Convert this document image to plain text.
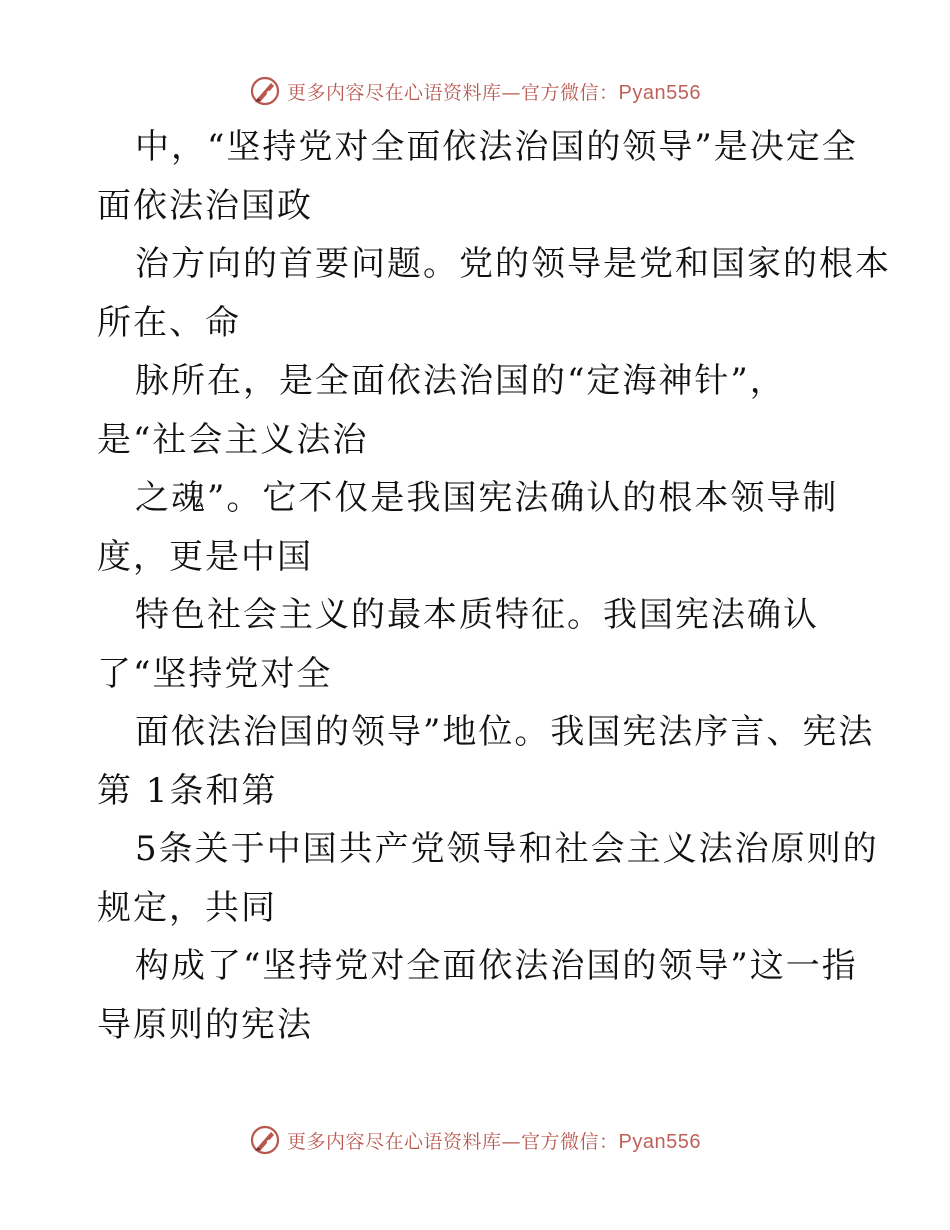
更多内容尽在心语资料库—官方微信：Pyan556
中，“坚持党对全面依法治国的领导”是决定全
面依法治国政
治方向的首要问题。党的领导是党和国家的根本
所在、命
脉所在，是全面依法治国的“定海神针”，
是“社会主义法治
之魂”。它不仅是我国宪法确认的根本领导制
度，更是中国
特色社会主义的最本质特征。我国宪法确认
了“坚持党对全
面依法治国的领导”地位。我国宪法序言、宪法
第 1条和第
5条关于中国共产党领导和社会主义法治原则的
规定，共同
构成了“坚持党对全面依法治国的领导”这一指
导原则的宪法
更多内容尽在心语资料库—官方微信：Pyan556
